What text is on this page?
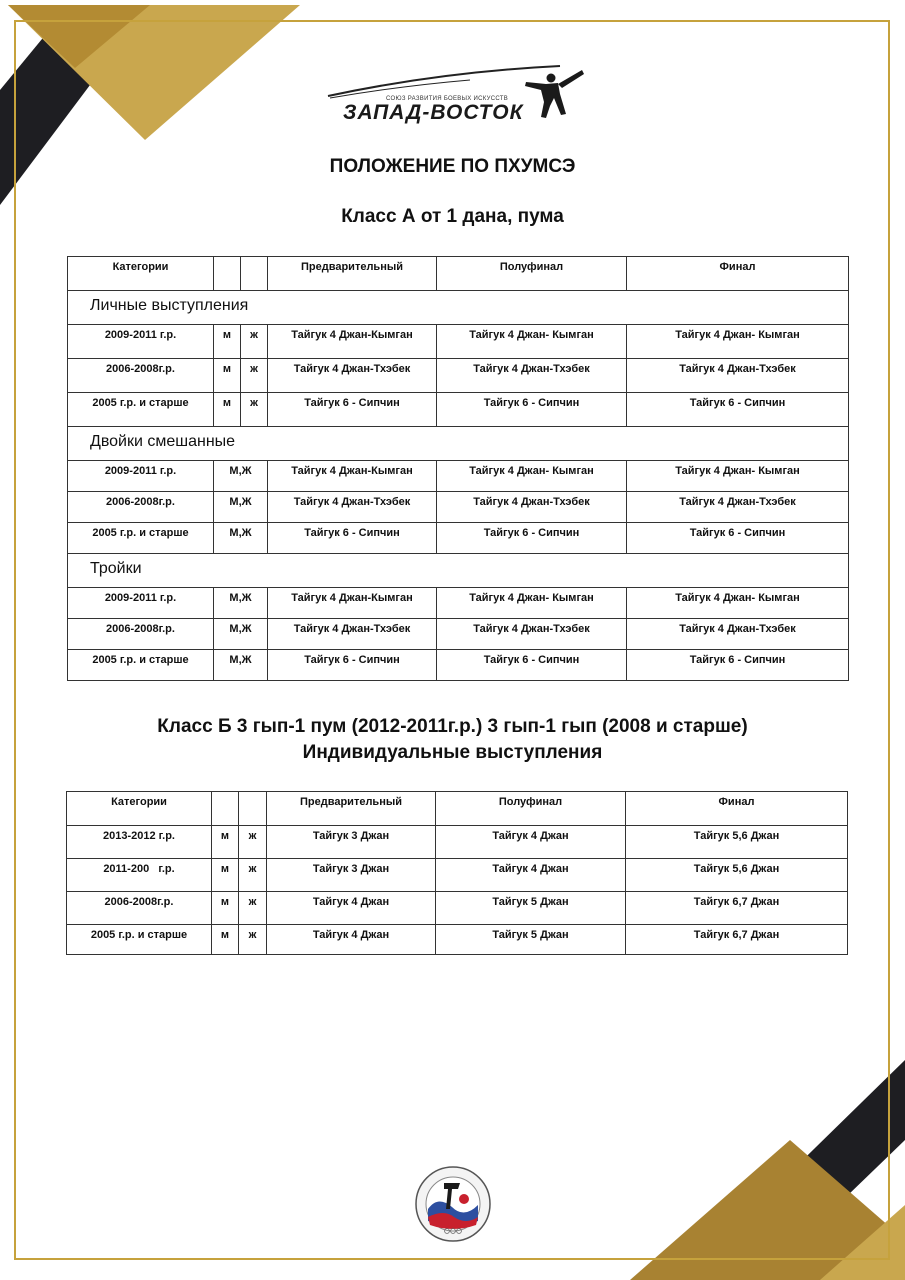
СОЮЗ РАЗВИТИЯ БОЕВЫХ ИСКУССТВ
ЗАПАД-ВОСТОК
ПОЛОЖЕНИЕ ПО ПХУМСЭ
Класс А от 1 дана, пума
Категории			Предварительный	Полуфинал	Финал
Личные выступления					
2009-2011 г.р.	м	ж	Тайгук 4 Джан-Кымган	Тайгук 4 Джан- Кымган	Тайгук 4 Джан- Кымган
2006-2008г.р.	м	ж	Тайгук 4 Джан-Тхэбек	Тайгук 4 Джан-Тхэбек	Тайгук 4 Джан-Тхэбек
2005 г.р. и старше	м	ж	Тайгук 6 - Сипчин	Тайгук 6 - Сипчин	Тайгук 6 - Сипчин
Двойки смешанные					
2009-2011 г.р.	М,Ж		Тайгук 4 Джан-Кымган	Тайгук 4 Джан- Кымган	Тайгук 4 Джан- Кымган
2006-2008г.р.	М,Ж		Тайгук 4 Джан-Тхэбек	Тайгук 4 Джан-Тхэбек	Тайгук 4 Джан-Тхэбек
2005 г.р. и старше	М,Ж		Тайгук 6 - Сипчин	Тайгук 6 - Сипчин	Тайгук 6 - Сипчин
Тройки					
2009-2011 г.р.	М,Ж		Тайгук 4 Джан-Кымган	Тайгук 4 Джан- Кымган	Тайгук 4 Джан- Кымган
2006-2008г.р.	М,Ж		Тайгук 4 Джан-Тхэбек	Тайгук 4 Джан-Тхэбек	Тайгук 4 Джан-Тхэбек
2005 г.р. и старше	М,Ж		Тайгук 6 - Сипчин	Тайгук 6 - Сипчин	Тайгук 6 - Сипчин
Класс Б 3 гып-1 пум (2012-2011г.р.) 3 гып-1 гып (2008 и старше)
Индивидуальные выступления
Категории			Предварительный	Полуфинал	Финал
2013-2012 г.р.	м	ж	Тайгук 3 Джан	Тайгук 4 Джан	Тайгук 5,6 Джан
2011-200   г.р.	м	ж	Тайгук 3 Джан	Тайгук 4 Джан	Тайгук 5,6 Джан
2006-2008г.р.	м	ж	Тайгук 4 Джан	Тайгук 5 Джан	Тайгук 6,7 Джан
2005 г.р. и старше	м	ж	Тайгук 4 Джан	Тайгук 5 Джан	Тайгук 6,7 Джан
